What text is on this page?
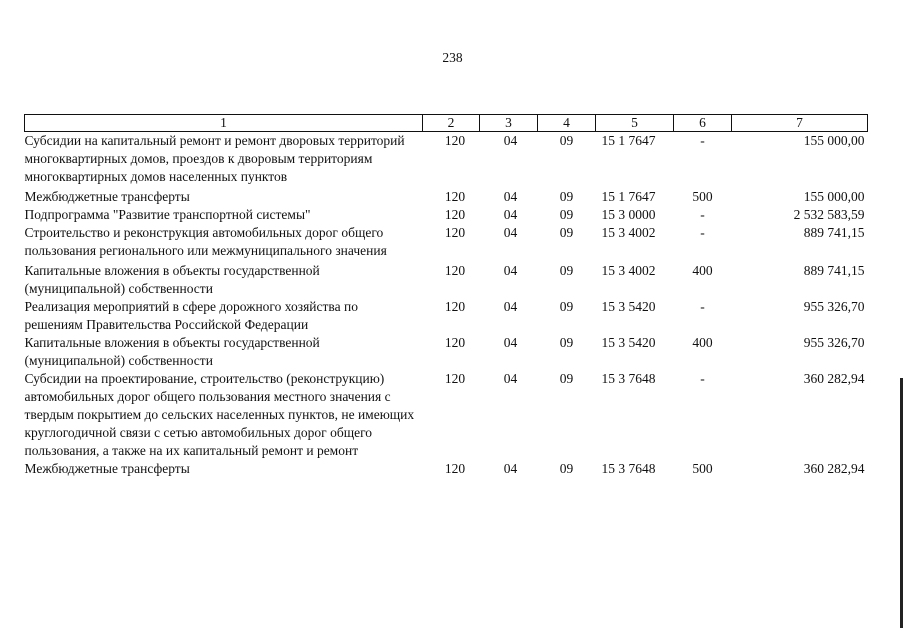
238
1	2	3	4	5	6	7
Субсидии на капитальный ремонт и ремонт дворовых территорий многоквартирных домов, проездов к дворовым территориям многоквартирных домов населенных пунктов	120	04	09	15 1 7647	-	155 000,00
Межбюджетные трансферты	120	04	09	15 1 7647	500	155 000,00
Подпрограмма "Развитие транспортной системы"	120	04	09	15 3 0000	-	2 532 583,59
Строительство и реконструкция автомобильных дорог общего пользования регионального или межмуниципального значения	120	04	09	15 3 4002	-	889 741,15
Капитальные вложения в объекты государственной (муниципальной) собственности	120	04	09	15 3 4002	400	889 741,15
Реализация мероприятий в сфере дорожного хозяйства по решениям Правительства Российской Федерации	120	04	09	15 3 5420	-	955 326,70
Капитальные вложения в объекты государственной (муниципальной) собственности	120	04	09	15 3 5420	400	955 326,70
Субсидии на проектирование, строительство (реконструкцию) автомобильных дорог общего пользования местного значения с твердым покрытием до сельских населенных пунктов, не имеющих круглогодичной связи с сетью автомобильных дорог общего пользования, а также на их капитальный ремонт и ремонт	120	04	09	15 3 7648	-	360 282,94
Межбюджетные трансферты	120	04	09	15 3 7648	500	360 282,94
